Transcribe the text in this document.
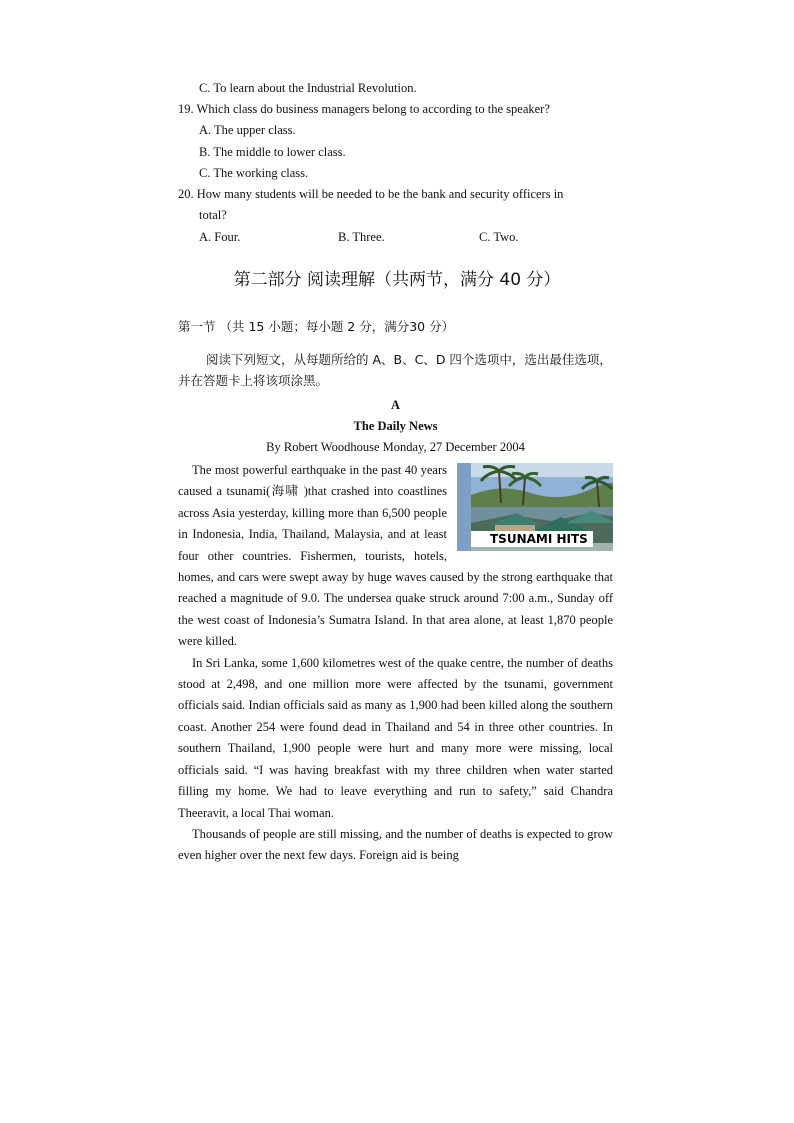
C. To learn about the Industrial Revolution.
19. Which class do business managers belong to according to the speaker?
A. The upper class.
B. The middle to lower class.
C. The working class.
20. How many students will be needed to be the bank and security officers in
total?
A. Four.	B. Three.	C. Two.
第二部分 阅读理解（共两节，满分 40 分）
第一节 （共 15 小题；每小题 2 分，满分30 分）
阅读下列短文，从每题所给的 A、B、C、D 四个选项中，选出最佳选项，并在答题卡上将该项涂黑。
A
The Daily News
By Robert Woodhouse Monday, 27 December 2004

TSUNAMI HITS
The most powerful earthquake in the past 40 years caused a tsunami(海啸 )that crashed into coastlines across Asia yesterday, killing more than 6,500 people in Indonesia, India, Thailand, Malaysia, and at least four other countries. Fishermen, tourists, hotels, homes, and cars were swept away by huge waves caused by the strong earthquake that reached a magnitude of 9.0. The undersea quake struck around 7:00 a.m., Sunday off the west coast of Indonesia’s Sumatra Island. In that area alone, at least 1,870 people were killed.

In Sri Lanka, some 1,600 kilometres west of the quake centre, the number of deaths stood at 2,498, and one million more were affected by the tsunami, government officials said. Indian officials said as many as 1,900 had been killed along the southern coast. Another 254 were found dead in Thailand and 54 in three other countries. In southern Thailand, 1,900 people were hurt and many more were missing, local officials said. “I was having breakfast with my three children when water started filling my home. We had to leave everything and run to safety,” said Chandra Theeravit, a local Thai woman.

Thousands of people are still missing, and the number of deaths is expected to grow even higher over the next few days. Foreign aid is being
